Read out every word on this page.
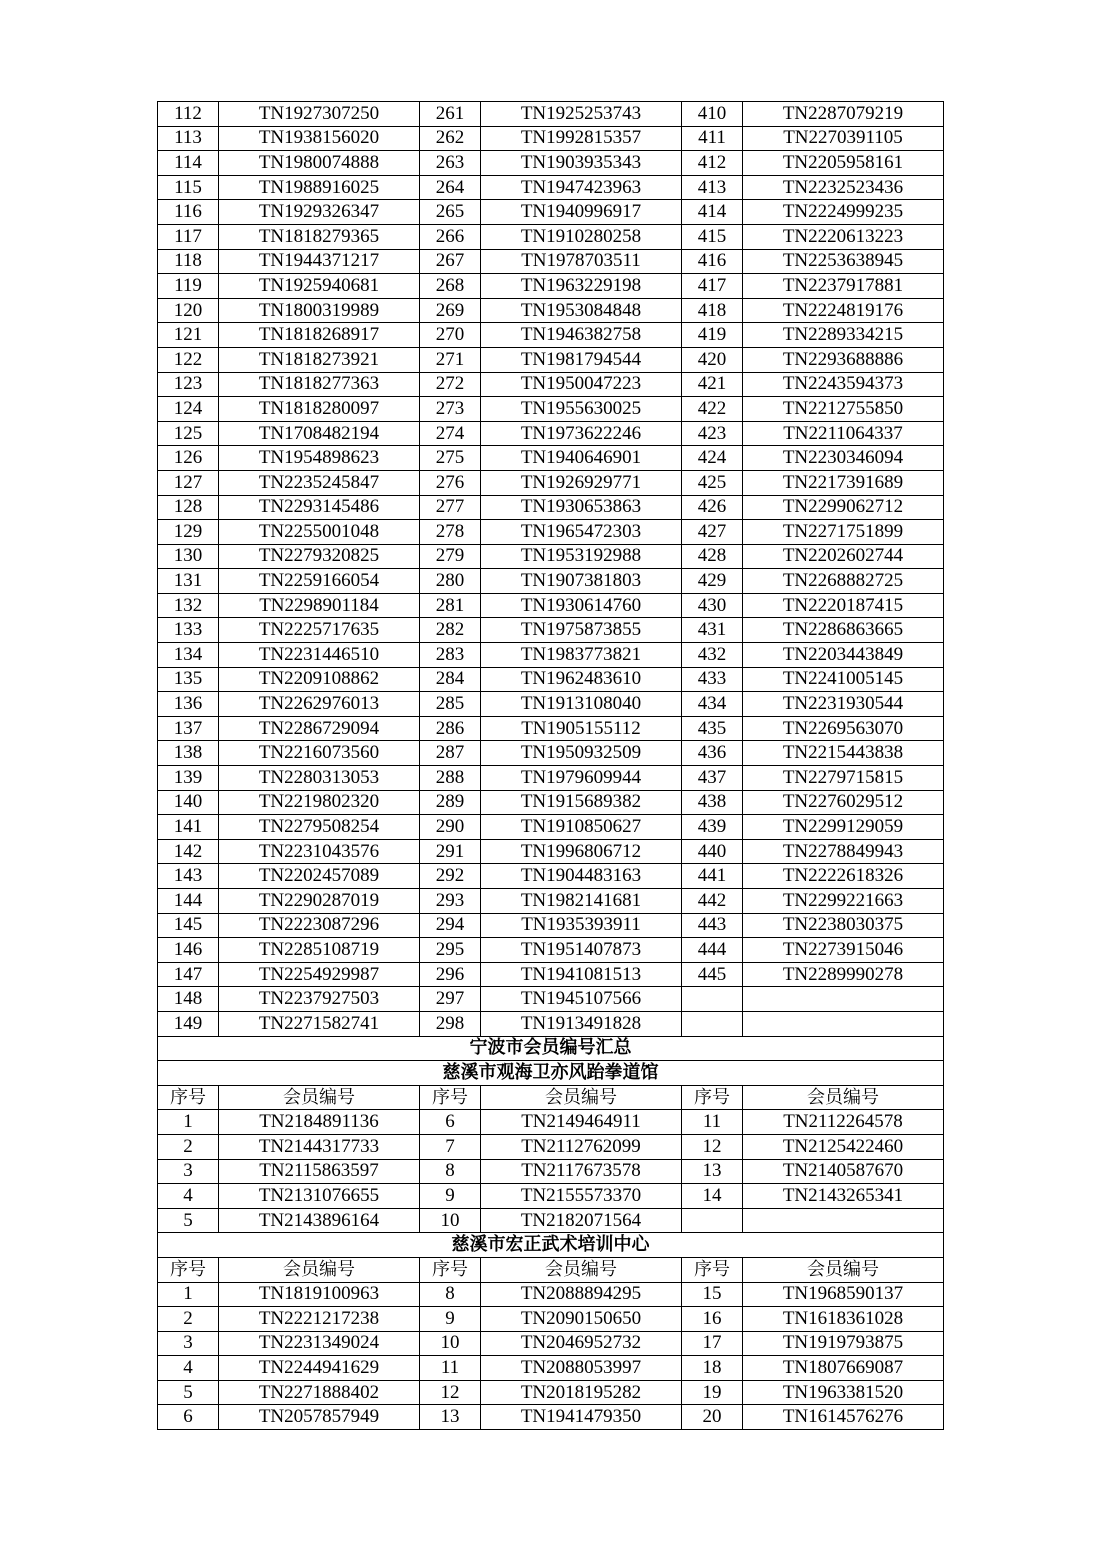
112	TN1927307250	261	TN1925253743	410	TN2287079219
113	TN1938156020	262	TN1992815357	411	TN2270391105
114	TN1980074888	263	TN1903935343	412	TN2205958161
115	TN1988916025	264	TN1947423963	413	TN2232523436
116	TN1929326347	265	TN1940996917	414	TN2224999235
117	TN1818279365	266	TN1910280258	415	TN2220613223
118	TN1944371217	267	TN1978703511	416	TN2253638945
119	TN1925940681	268	TN1963229198	417	TN2237917881
120	TN1800319989	269	TN1953084848	418	TN2224819176
121	TN1818268917	270	TN1946382758	419	TN2289334215
122	TN1818273921	271	TN1981794544	420	TN2293688886
123	TN1818277363	272	TN1950047223	421	TN2243594373
124	TN1818280097	273	TN1955630025	422	TN2212755850
125	TN1708482194	274	TN1973622246	423	TN2211064337
126	TN1954898623	275	TN1940646901	424	TN2230346094
127	TN2235245847	276	TN1926929771	425	TN2217391689
128	TN2293145486	277	TN1930653863	426	TN2299062712
129	TN2255001048	278	TN1965472303	427	TN2271751899
130	TN2279320825	279	TN1953192988	428	TN2202602744
131	TN2259166054	280	TN1907381803	429	TN2268882725
132	TN2298901184	281	TN1930614760	430	TN2220187415
133	TN2225717635	282	TN1975873855	431	TN2286863665
134	TN2231446510	283	TN1983773821	432	TN2203443849
135	TN2209108862	284	TN1962483610	433	TN2241005145
136	TN2262976013	285	TN1913108040	434	TN2231930544
137	TN2286729094	286	TN1905155112	435	TN2269563070
138	TN2216073560	287	TN1950932509	436	TN2215443838
139	TN2280313053	288	TN1979609944	437	TN2279715815
140	TN2219802320	289	TN1915689382	438	TN2276029512
141	TN2279508254	290	TN1910850627	439	TN2299129059
142	TN2231043576	291	TN1996806712	440	TN2278849943
143	TN2202457089	292	TN1904483163	441	TN2222618326
144	TN2290287019	293	TN1982141681	442	TN2299221663
145	TN2223087296	294	TN1935393911	443	TN2238030375
146	TN2285108719	295	TN1951407873	444	TN2273915046
147	TN2254929987	296	TN1941081513	445	TN2289990278
148	TN2237927503	297	TN1945107566		
149	TN2271582741	298	TN1913491828		
宁波市会员编号汇总					
慈溪市观海卫亦风跆拳道馆					
序号	会员编号	序号	会员编号	序号	会员编号
1	TN2184891136	6	TN2149464911	11	TN2112264578
2	TN2144317733	7	TN2112762099	12	TN2125422460
3	TN2115863597	8	TN2117673578	13	TN2140587670
4	TN2131076655	9	TN2155573370	14	TN2143265341
5	TN2143896164	10	TN2182071564		
慈溪市宏正武术培训中心					
序号	会员编号	序号	会员编号	序号	会员编号
1	TN1819100963	8	TN2088894295	15	TN1968590137
2	TN2221217238	9	TN2090150650	16	TN1618361028
3	TN2231349024	10	TN2046952732	17	TN1919793875
4	TN2244941629	11	TN2088053997	18	TN1807669087
5	TN2271888402	12	TN2018195282	19	TN1963381520
6	TN2057857949	13	TN1941479350	20	TN1614576276
